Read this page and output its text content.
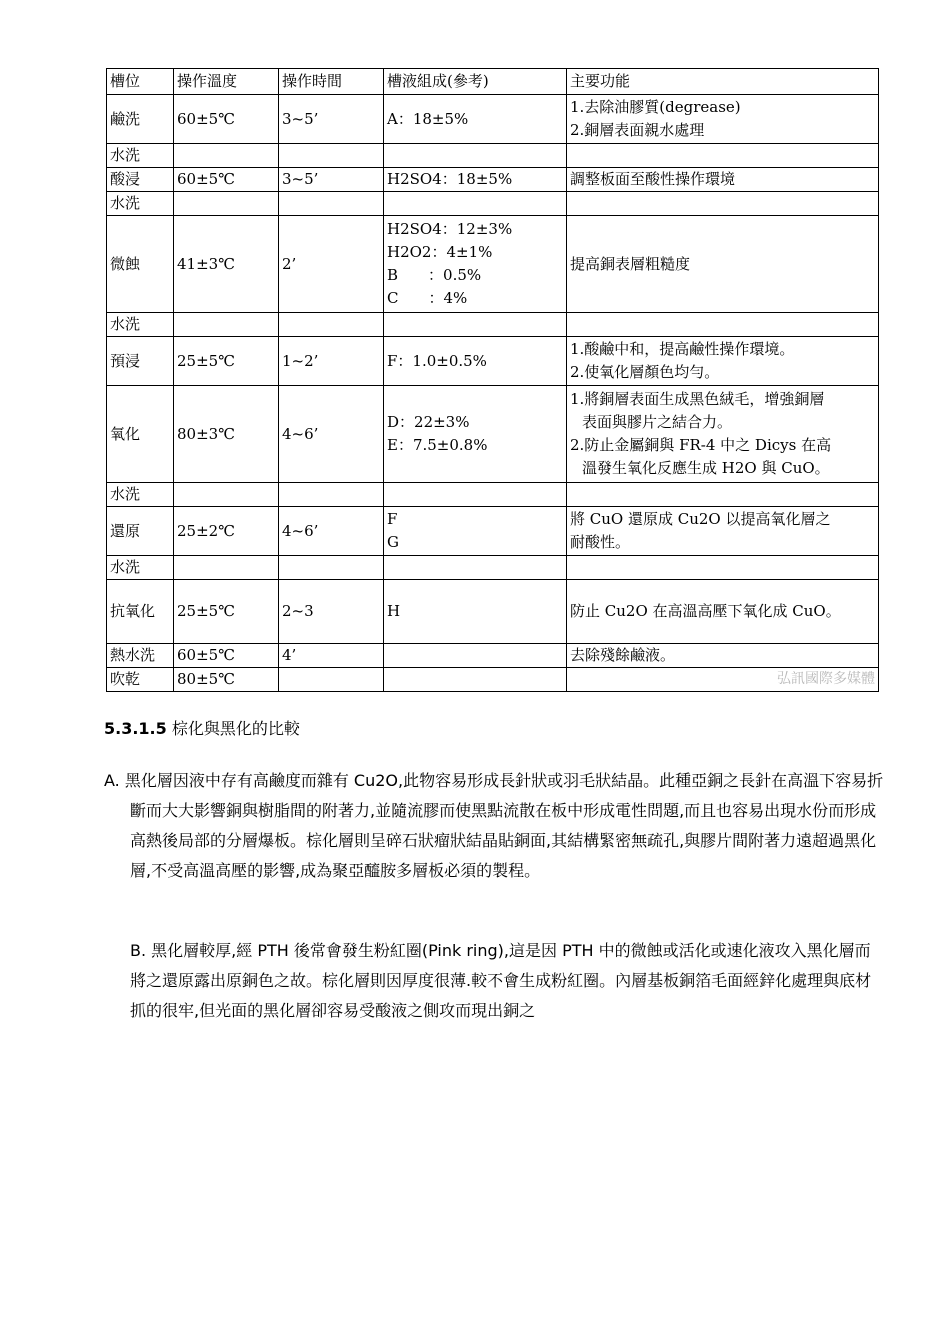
槽位	操作溫度	操作時間	槽液組成(參考)	主要功能
鹼洗	60±5℃	3~5’	A：18±5%	1.去除油膠質(degrease)
2.銅層表面親水處理

水洗				
酸浸	60±5℃	3~5’	H2SO4：18±5%	調整板面至酸性操作環境

水洗				
微蝕	41±3℃	2’	H2SO4：12±3%
H2O2：4±1%
B　　：0.5%
C　　：4%	提高銅表層粗糙度

水洗				
預浸	25±5℃	1~2’	F：1.0±0.5%	1.酸鹼中和，提高鹼性操作環境。
2.使氧化層顏色均勻。

氧化	80±3℃	4~6’	D：22±3%
E：7.5±0.8%	1.將銅層表面生成黑色絨毛，增強銅層
表面與膠片之結合力。
2.防止金屬銅與 FR-4 中之 Dicys 在高
溫發生氧化反應生成 H2O 與 CuO。

水洗				
還原	25±2℃	4~6’	F
G	將 CuO 還原成 Cu2O 以提高氧化層之
耐酸性。

水洗				
抗氧化	25±5℃	2~3	H	防止 Cu2O 在高溫高壓下氧化成 CuO。

熱水洗	60±5℃	4’		去除殘餘鹼液。

吹乾	80±5℃			弘訊國際多媒體

5.3.1.5 棕化與黑化的比較

A. 黑化層因液中存有高鹼度而雜有 Cu2O,此物容易形成長針狀或羽毛狀結晶。此種亞銅之長針在高溫下容易折斷而大大影響銅與樹脂間的附著力,並隨流膠而使黑點流散在板中形成電性問題,而且也容易出現水份而形成高熱後局部的分層爆板。棕化層則呈碎石狀瘤狀結晶貼銅面,其結構緊密無疏孔,與膠片間附著力遠超過黑化層,不受高溫高壓的影響,成為聚亞醯胺多層板必須的製程。

B. 黑化層較厚,經 PTH 後常會發生粉紅圈(Pink ring),這是因 PTH 中的微蝕或活化或速化液攻入黑化層而將之還原露出原銅色之故。棕化層則因厚度很薄.較不會生成粉紅圈。內層基板銅箔毛面經鋅化處理與底材抓的很牢,但光面的黑化層卻容易受酸液之側攻而現出銅之
